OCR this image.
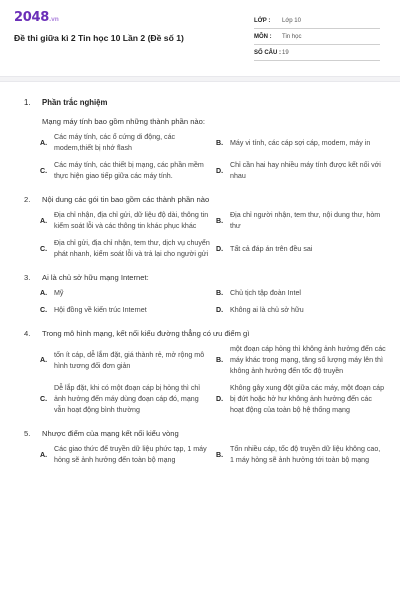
2048.vn
Đề thi giữa kì 2 Tin học 10 Lần 2 (Đề số 1)
LỚP :	Lớp 10
MÔN :	Tin học
SỐ CÂU : 19
1.	Phần trắc nghiệm
Mạng máy tính bao gồm những thành phần nào:
A.
Các máy tính, các ổ cứng di động, các modem,thiết bị nhớ flash
B. Máy vi tính, các cáp sợi cáp, modem, máy in
C.
Các máy tính, các thiết bị mạng, các phần mềm thực hiện giao tiếp giữa các máy tính.
D.
Chỉ cần hai hay nhiều máy tính được kết nối với nhau
2.	Nội dung các gói tin bao gồm các thành phần nào
A.
Địa chỉ nhận, địa chỉ gửi, dữ liệu độ dài, thông tin kiểm soát lỗi và các thông tin khác phục khác
B.
Địa chỉ người nhận, tem thư, nội dung thư, hòm thư
C.
Địa chỉ gửi, địa chỉ nhận, tem thư, dịch vụ chuyển phát nhanh, kiểm soát lỗi và trả lại cho người gửi
D. Tất cả đáp án trên đều sai
3.	Ai là chủ sở hữu mạng Internet:
A. Mỹ	B. Chủ tịch tập đoàn Intel
C. Hội đồng về kiến trúc Internet	D. Không ai là chủ sở hữu
4.	Trong mô hình mạng, kết nối kiểu đường thẳng có ưu điểm gì
A.
tốn ít cáp, dễ lắm đặt, giá thành rẻ, mở rộng mô hình tương đối đơn giản
B.
một đoạn cáp hỏng thì không ảnh hưởng đến các máy khác trong mạng, tăng số lượng máy lên thì không ảnh hưởng đến tốc độ truyền
C.
Dễ lắp đặt, khi có một đoạn cáp bị hỏng thì chỉ ảnh hưởng đến máy dùng đoạn cáp đó, mạng vẫn hoạt động bình thường
D.
Không gây xung đột giữa các máy, một đoạn cáp bị đứt hoặc hở hư không ảnh hưởng đến các hoạt động của toàn bộ hệ thống mạng
5.	Nhược điểm của mạng kết nối kiểu vòng
A.
Các giao thức để truyền dữ liệu phức tạp, 1 máy hỏng sẽ ảnh hưởng đến toàn bộ mạng
B.
Tốn nhiều cáp, tốc độ truyền dữ liệu không cao, 1 máy hỏng sẽ ảnh hưởng tới toàn bộ mạng
